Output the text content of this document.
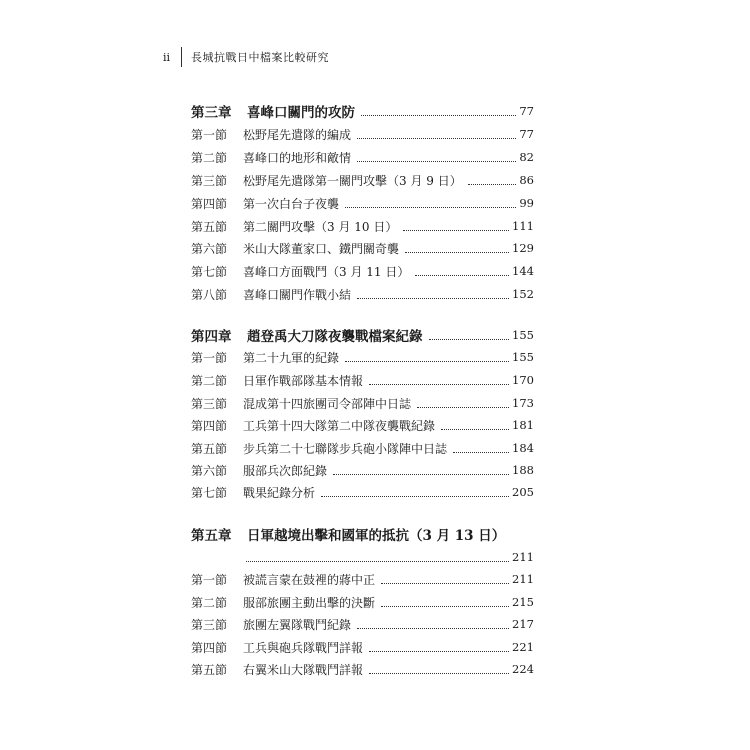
ii	長城抗戰日中檔案比較研究
第三章	喜峰口關門的攻防	77
第一節	松野尾先遣隊的編成	77
第二節	喜峰口的地形和敵情	82
第三節	松野尾先遣隊第一關門攻擊（3 月 9 日）	86
第四節	第一次白台子夜襲	99
第五節	第二關門攻擊（3 月 10 日）	111
第六節	米山大隊董家口、鐵門關奇襲	129
第七節	喜峰口方面戰鬥（3 月 11 日）	144
第八節	喜峰口關門作戰小結	152
第四章	趙登禹大刀隊夜襲戰檔案紀錄	155
第一節	第二十九軍的紀錄	155
第二節	日軍作戰部隊基本情報	170
第三節	混成第十四旅團司令部陣中日誌	173
第四節	工兵第十四大隊第二中隊夜襲戰紀錄	181
第五節	步兵第二十七聯隊步兵砲小隊陣中日誌	184
第六節	服部兵次郎紀錄	188
第七節	戰果紀錄分析	205
第五章	日軍越境出擊和國軍的抵抗（3 月 13 日）
211
第一節	被謊言蒙在鼓裡的蔣中正	211
第二節	服部旅團主動出擊的決斷	215
第三節	旅團左翼隊戰鬥紀錄	217
第四節	工兵與砲兵隊戰鬥詳報	221
第五節	右翼米山大隊戰鬥詳報	224
